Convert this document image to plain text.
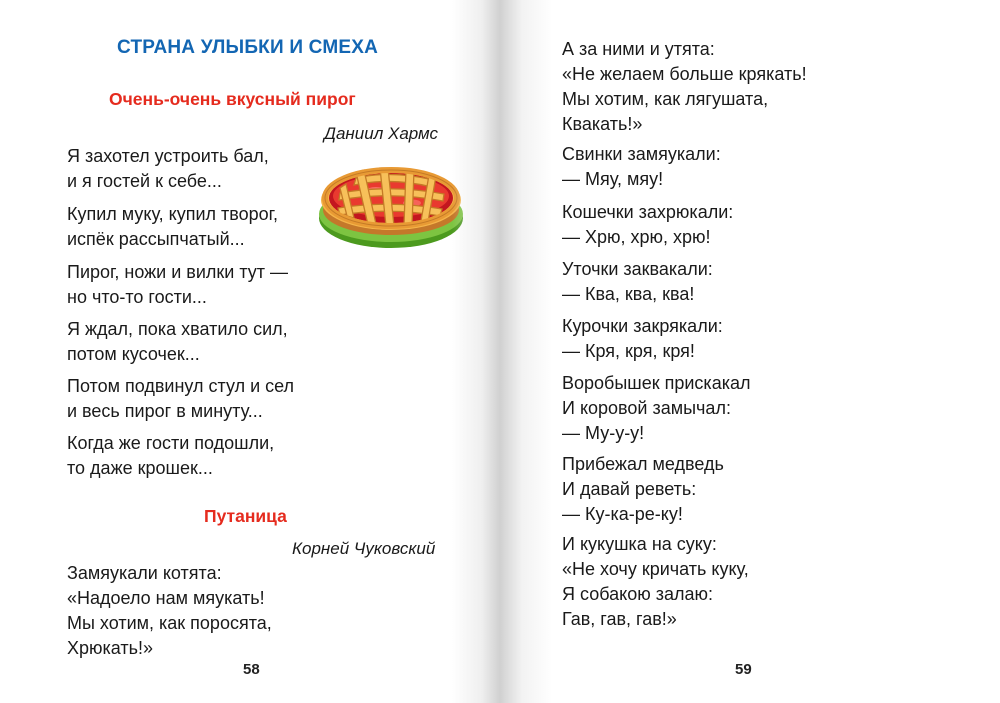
СТРАНА УЛЫБКИ И СМЕХА
Очень-очень вкусный пирог
Даниил Хармс
Я захотел устроить бал,
и я гостей к себе...
Купил муку, купил творог,
испёк рассыпчатый...
Пирог, ножи и вилки тут —
но что-то гости...
Я ждал, пока хватило сил,
потом кусочек...
Потом подвинул стул и сел
и весь пирог в минуту...
Когда же гости подошли,
то даже крошек...
Путаница
Корней Чуковский
Замяукали котята:
«Надоело нам мяукать!
Мы хотим, как поросята,
Хрюкать!»
58
А за ними и утята:
«Не желаем больше крякать!
Мы хотим, как лягушата,
Квакать!»
Свинки замяукали:
— Мяу, мяу!
Кошечки захрюкали:
— Хрю, хрю, хрю!
Уточки заквакали:
— Ква, ква, ква!
Курочки закрякали:
— Кря, кря, кря!
Воробышек прискакал
И коровой замычал:
— Му-у-у!
Прибежал медведь
И давай реветь:
— Ку-ка-ре-ку!
И кукушка на суку:
«Не хочу кричать куку,
Я собакою залаю:
Гав, гав, гав!»
59
